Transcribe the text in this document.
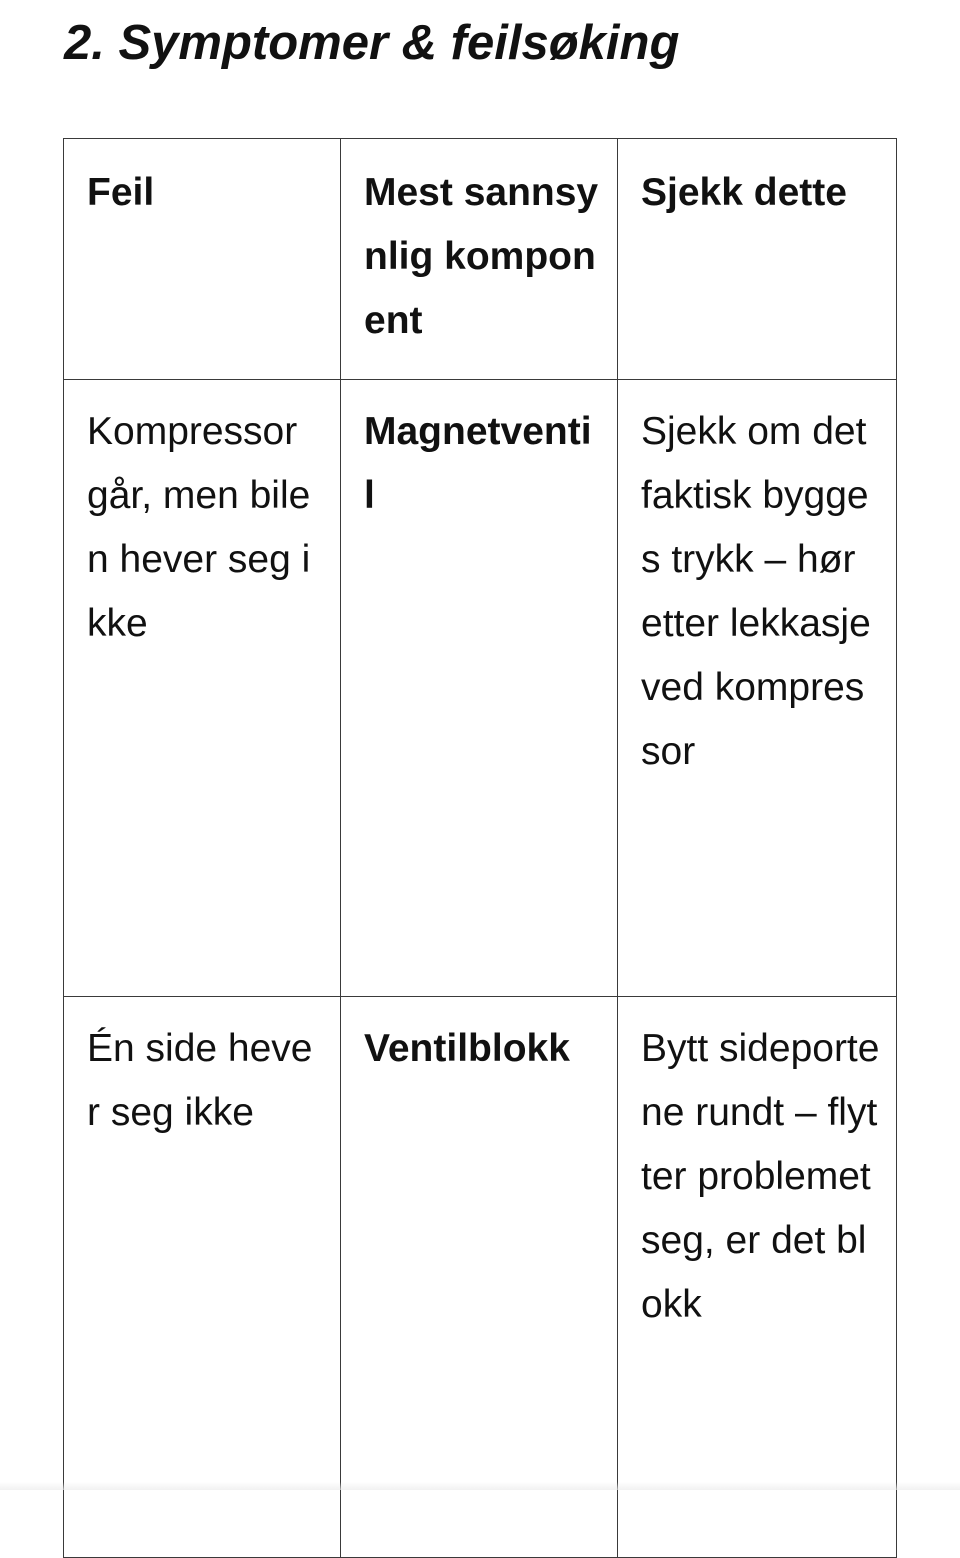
2. Symptomer & feilsøking
Feil	Mest sannsynlig komponent	Sjekk dette
Kompressor går, men bilen hever seg ikke	Magnetventil	Sjekk om det faktisk bygges trykk – hør etter lekkasje ved kompressor
Én side hever seg ikke	Ventilblokk	Bytt sideportene rundt – flytter problemet seg, er det blokk
